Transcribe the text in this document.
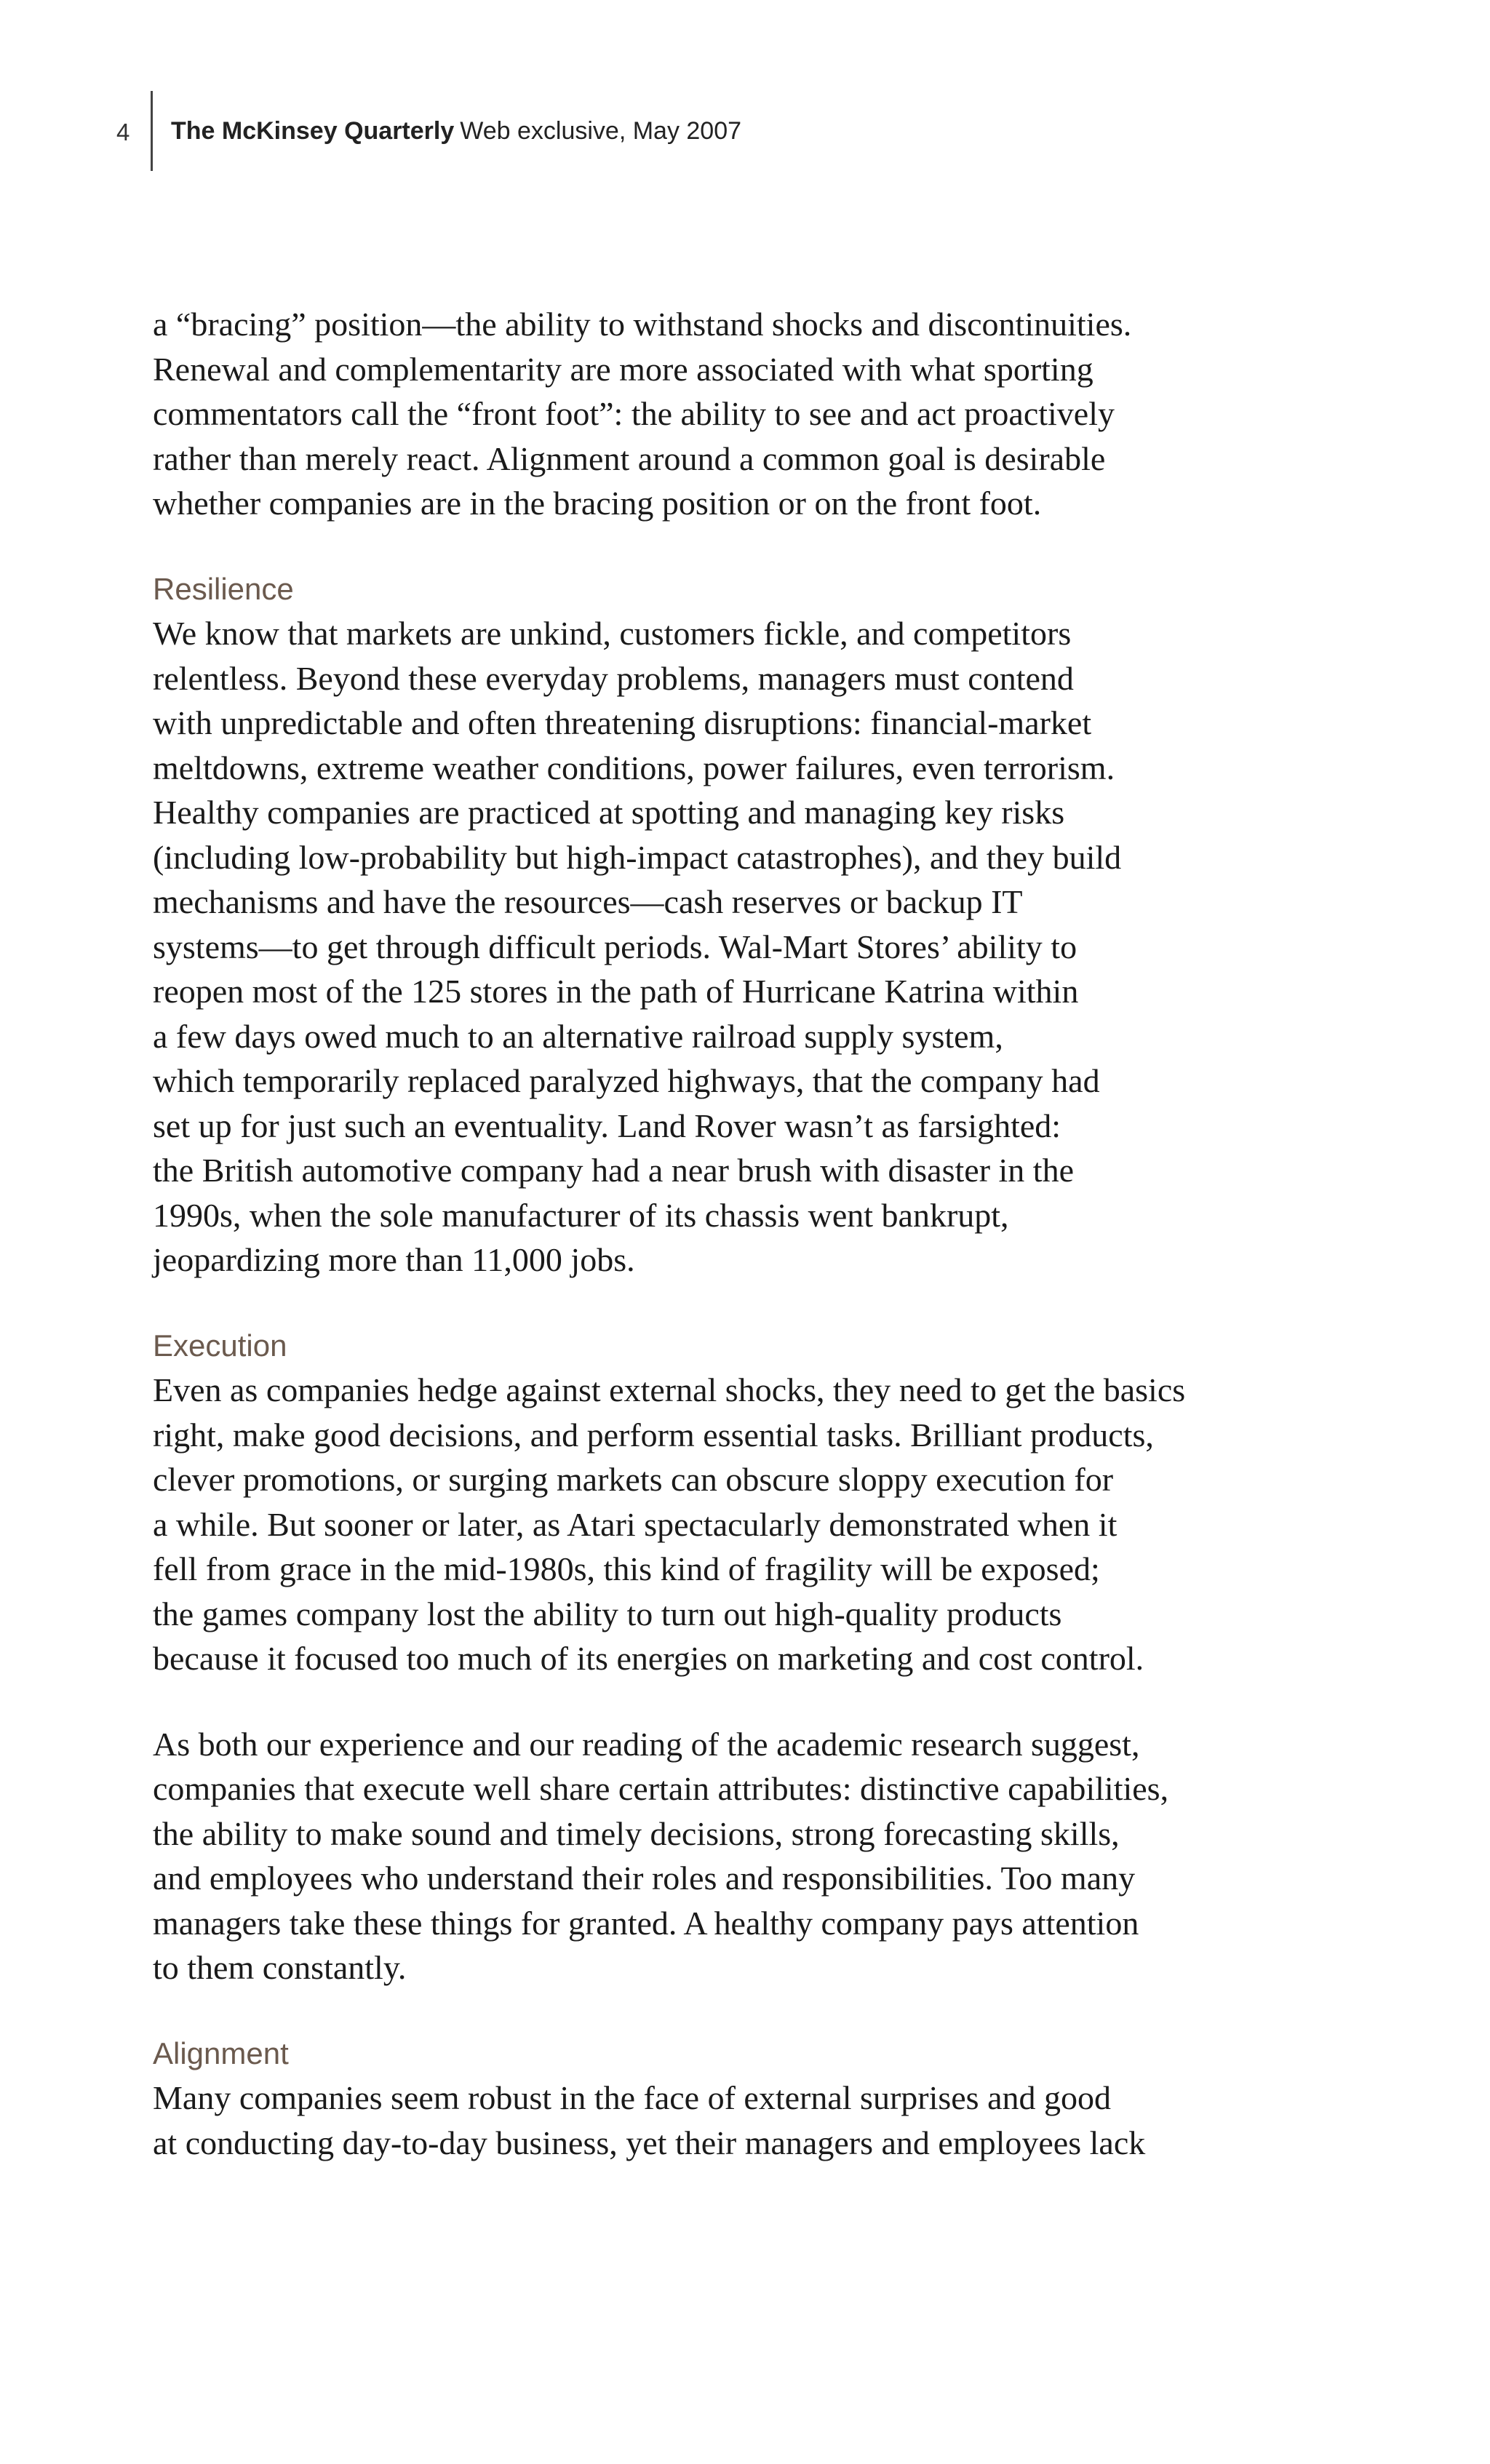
4 The McKinsey Quarterly Web exclusive, May 2007

a “bracing” position—the ability to withstand shocks and discontinuities.
Renewal and complementarity are more associated with what sporting
commentators call the “front foot”: the ability to see and act proactively
rather than merely react. Alignment around a common goal is desirable
whether companies are in the bracing position or on the front foot.

Resilience

We know that markets are unkind, customers fickle, and competitors
relentless. Beyond these everyday problems, managers must contend
with unpredictable and often threatening disruptions: financial-market
meltdowns, extreme weather conditions, power failures, even terrorism.
Healthy companies are practiced at spotting and managing key risks
(including low-probability but high-impact catastrophes), and they build
mechanisms and have the resources—cash reserves or backup IT
systems—to get through difficult periods. Wal-Mart Stores’ ability to
reopen most of the 125 stores in the path of Hurricane Katrina within
a few days owed much to an alternative railroad supply system,
which temporarily replaced paralyzed highways, that the company had
set up for just such an eventuality. Land Rover wasn’t as farsighted:
the British automotive company had a near brush with disaster in the
1990s, when the sole manufacturer of its chassis went bankrupt,
jeopardizing more than 11,000 jobs.

Execution

Even as companies hedge against external shocks, they need to get the basics
right, make good decisions, and perform essential tasks. Brilliant products,
clever promotions, or surging markets can obscure sloppy execution for
a while. But sooner or later, as Atari spectacularly demonstrated when it
fell from grace in the mid-1980s, this kind of fragility will be exposed;
the games company lost the ability to turn out high-quality products
because it focused too much of its energies on marketing and cost control.

As both our experience and our reading of the academic research suggest,
companies that execute well share certain attributes: distinctive capabilities,
the ability to make sound and timely decisions, strong forecasting skills,
and employees who understand their roles and responsibilities. Too many
managers take these things for granted. A healthy company pays attention
to them constantly.

Alignment

Many companies seem robust in the face of external surprises and good
at conducting day-to-day business, yet their managers and employees lack
